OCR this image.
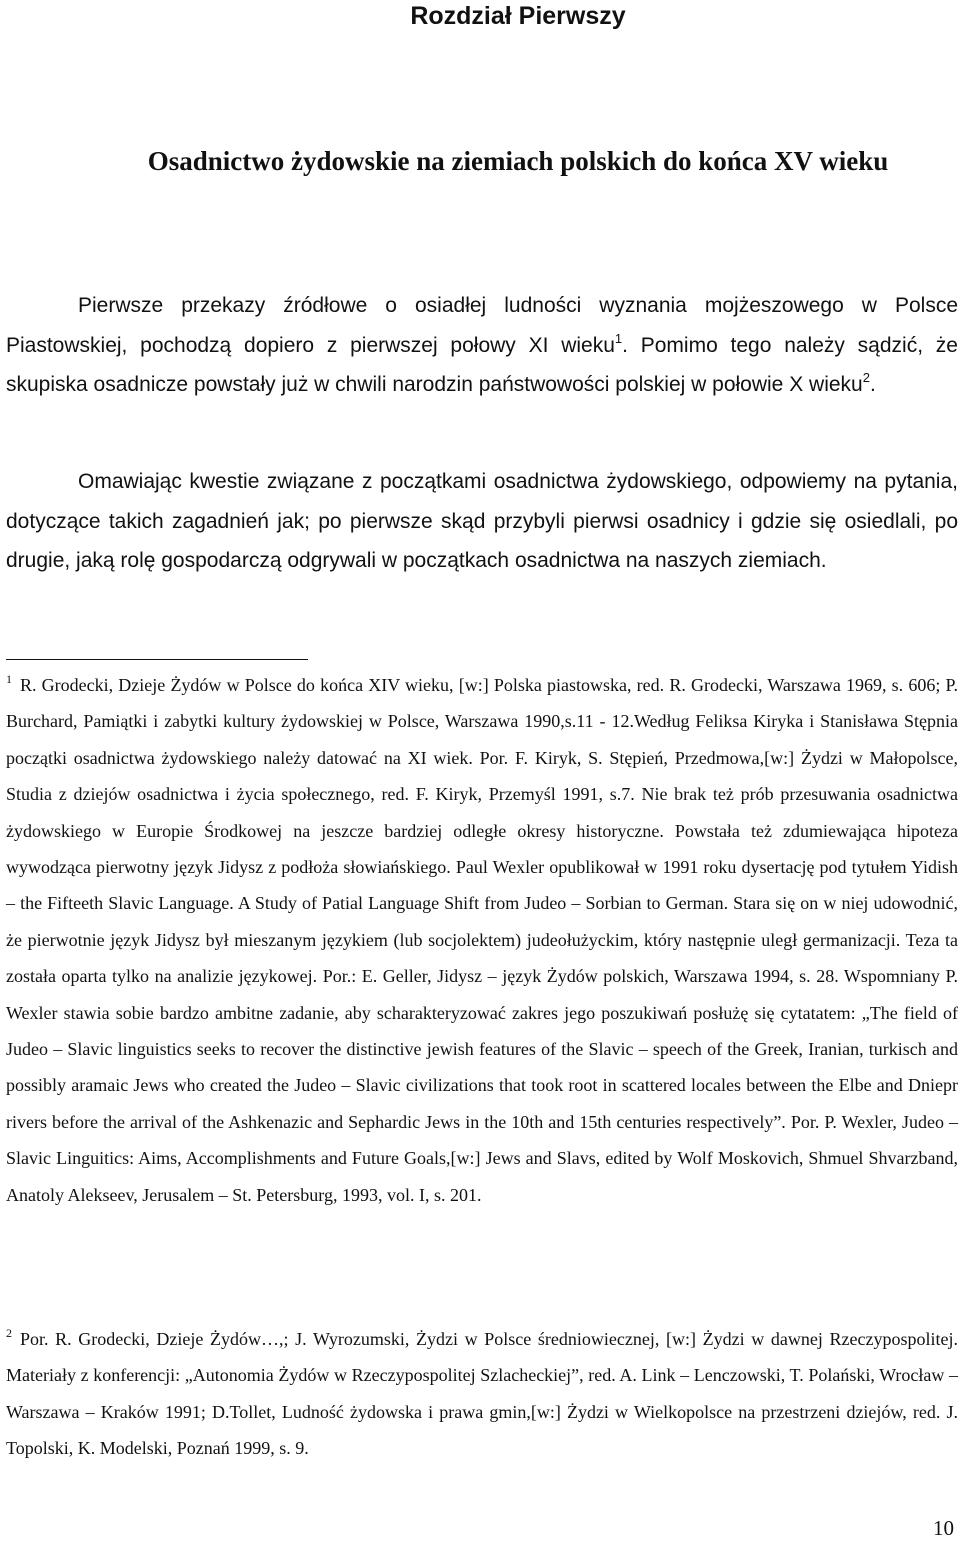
Rozdział Pierwszy
Osadnictwo żydowskie na ziemiach polskich do końca XV wieku

Pierwsze przekazy źródłowe o osiadłej ludności wyznania mojżeszowego w Polsce Piastowskiej, pochodzą dopiero z pierwszej połowy XI wieku$^1$. Pomimo tego należy sądzić, że skupiska osadnicze powstały już w chwili narodzin państwowości polskiej w połowie X wieku$^2$.

Omawiając kwestie związane z początkami osadnictwa żydowskiego, odpowiemy na pytania, dotyczące takich zagadnień jak; po pierwsze skąd przybyli pierwsi osadnicy i gdzie się osiedlali, po drugie, jaką rolę gospodarczą odgrywali w początkach osadnictwa na naszych ziemiach.

$^1$ R. Grodecki, Dzieje Żydów w Polsce do końca XIV wieku, [w:] Polska piastowska, red. R. Grodecki, Warszawa 1969, s. 606; P. Burchard, Pamiątki i zabytki kultury żydowskiej w Polsce, Warszawa 1990,s.11 - 12.Według Feliksa Kiryka i Stanisława Stępnia początki osadnictwa żydowskiego należy datować na XI wiek. Por. F. Kiryk, S. Stępień, Przedmowa,[w:] Żydzi w Małopolsce, Studia z dziejów osadnictwa i życia społecznego, red. F. Kiryk, Przemyśl 1991, s.7. Nie brak też prób przesuwania osadnictwa żydowskiego w Europie Środkowej na jeszcze bardziej odległe okresy historyczne. Powstała też zdumiewająca hipoteza wywodząca pierwotny język Jidysz z podłoża słowiańskiego. Paul Wexler opublikował w 1991 roku dysertację pod tytułem Yidish – the Fifteeth Slavic Language. A Study of Patial Language Shift from Judeo – Sorbian to German. Stara się on w niej udowodnić, że pierwotnie język Jidysz był mieszanym językiem (lub socjolektem) judeołużyckim, który następnie uległ germanizacji. Teza ta została oparta tylko na analizie językowej. Por.: E. Geller, Jidysz – język Żydów polskich, Warszawa 1994, s. 28. Wspomniany P. Wexler stawia sobie bardzo ambitne zadanie, aby scharakteryzować zakres jego poszukiwań posłużę się cytatatem: „The field of Judeo – Slavic linguistics seeks to recover the distinctive jewish features of the Slavic – speech of the Greek, Iranian, turkisch and possibly aramaic Jews who created the Judeo – Slavic civilizations that took root in scattered locales between the Elbe and Dniepr rivers before the arrival of the Ashkenazic and Sephardic Jews in the 10th and 15th centuries respectively”. Por. P. Wexler, Judeo – Slavic Linguitics: Aims, Accomplishments and Future Goals,[w:] Jews and Slavs, edited by Wolf Moskovich, Shmuel Shvarzband, Anatoly Alekseev, Jerusalem – St. Petersburg, 1993, vol. I, s. 201.

$^2$ Por. R. Grodecki, Dzieje Żydów…,; J. Wyrozumski, Żydzi w Polsce średniowiecznej, [w:] Żydzi w dawnej Rzeczypospolitej. Materiały z konferencji: „Autonomia Żydów w Rzeczypospolitej Szlacheckiej”, red. A. Link – Lenczowski, T. Polański, Wrocław – Warszawa – Kraków 1991; D.Tollet, Ludność żydowska i prawa gmin,[w:] Żydzi w Wielkopolsce na przestrzeni dziejów, red. J. Topolski, K. Modelski, Poznań 1999, s. 9.

10
